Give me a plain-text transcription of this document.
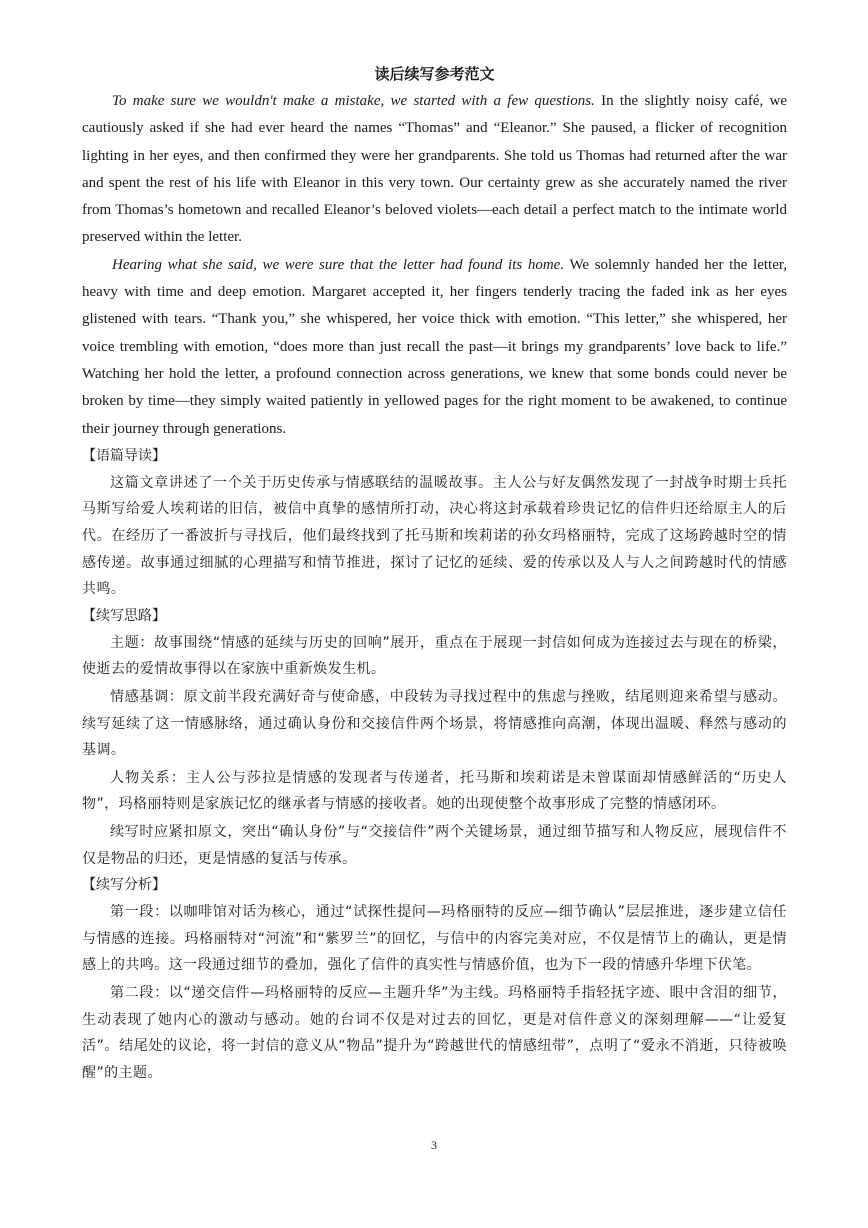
读后续写参考范文

To make sure we wouldn't make a mistake, we started with a few questions. In the slightly noisy café, we cautiously asked if she had ever heard the names “Thomas” and “Eleanor.” She paused, a flicker of recognition lighting in her eyes, and then confirmed they were her grandparents. She told us Thomas had returned after the war and spent the rest of his life with Eleanor in this very town. Our certainty grew as she accurately named the river from Thomas’s hometown and recalled Eleanor’s beloved violets—each detail a perfect match to the intimate world preserved within the letter.

Hearing what she said, we were sure that the letter had found its home. We solemnly handed her the letter, heavy with time and deep emotion. Margaret accepted it, her fingers tenderly tracing the faded ink as her eyes glistened with tears. “Thank you,” she whispered, her voice thick with emotion. “This letter,” she whispered, her voice trembling with emotion, “does more than just recall the past—it brings my grandparents’ love back to life.” Watching her hold the letter, a profound connection across generations, we knew that some bonds could never be broken by time—they simply waited patiently in yellowed pages for the right moment to be awakened, to continue their journey through generations.

【语篇导读】

这篇文章讲述了一个关于历史传承与情感联结的温暖故事。主人公与好友偶然发现了一封战争时期士兵托马斯写给爱人埃莉诺的旧信，被信中真挚的感情所打动，决心将这封承载着珍贵记忆的信件归还给原主人的后代。在经历了一番波折与寻找后，他们最终找到了托马斯和埃莉诺的孙女玛格丽特，完成了这场跨越时空的情感传递。故事通过细腻的心理描写和情节推进，探讨了记忆的延续、爱的传承以及人与人之间跨越时代的情感共鸣。

【续写思路】

主题：故事围绕“情感的延续与历史的回响”展开，重点在于展现一封信如何成为连接过去与现在的桥梁，使逝去的爱情故事得以在家族中重新焕发生机。

情感基调：原文前半段充满好奇与使命感，中段转为寻找过程中的焦虑与挫败，结尾则迎来希望与感动。续写延续了这一情感脉络，通过确认身份和交接信件两个场景，将情感推向高潮，体现出温暖、释然与感动的基调。

人物关系：主人公与莎拉是情感的发现者与传递者，托马斯和埃莉诺是未曾谋面却情感鲜活的“历史人物”，玛格丽特则是家族记忆的继承者与情感的接收者。她的出现使整个故事形成了完整的情感闭环。

续写时应紧扣原文，突出“确认身份”与“交接信件”两个关键场景，通过细节描写和人物反应，展现信件不仅是物品的归还，更是情感的复活与传承。

【续写分析】

第一段：以咖啡馆对话为核心，通过“试探性提问—玛格丽特的反应—细节确认”层层推进，逐步建立信任与情感的连接。玛格丽特对“河流”和“紫罗兰”的回忆，与信中的内容完美对应，不仅是情节上的确认，更是情感上的共鸣。这一段通过细节的叠加，强化了信件的真实性与情感价值，也为下一段的情感升华埋下伏笔。

第二段：以“递交信件—玛格丽特的反应—主题升华”为主线。玛格丽特手指轻抚字迹、眼中含泪的细节，生动表现了她内心的激动与感动。她的台词不仅是对过去的回忆，更是对信件意义的深刻理解——“让爱复活”。结尾处的议论，将一封信的意义从“物品”提升为“跨越世代的情感纽带”，点明了“爱永不消逝，只待被唤醒”的主题。

3
